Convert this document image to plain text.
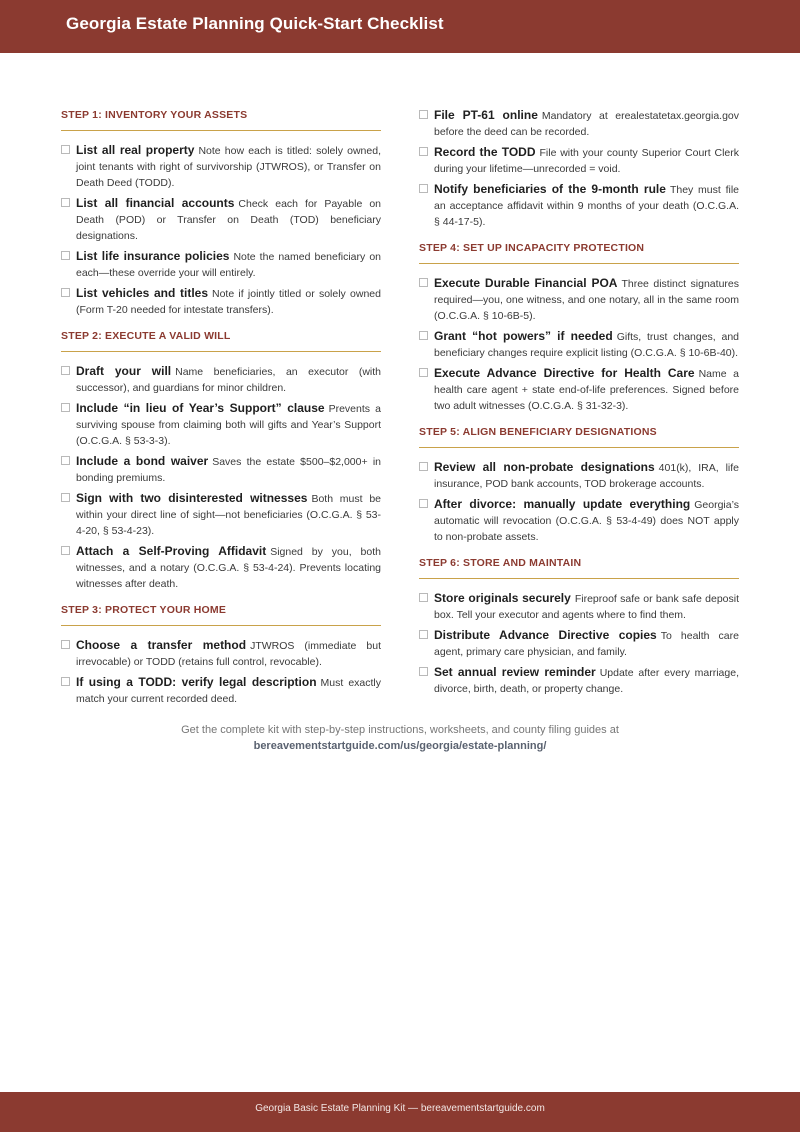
Georgia Estate Planning Quick-Start Checklist
STEP 1: INVENTORY YOUR ASSETS
List all real property Note how each is titled: solely owned, joint tenants with right of survivorship (JTWROS), or Transfer on Death Deed (TODD).
List all financial accounts Check each for Payable on Death (POD) or Transfer on Death (TOD) beneficiary designations.
List life insurance policies Note the named beneficiary on each—these override your will entirely.
List vehicles and titles Note if jointly titled or solely owned (Form T-20 needed for intestate transfers).
STEP 2: EXECUTE A VALID WILL
Draft your will Name beneficiaries, an executor (with successor), and guardians for minor children.
Include “in lieu of Year’s Support” clause Prevents a surviving spouse from claiming both will gifts and Year’s Support (O.C.G.A. § 53-3-3).
Include a bond waiver Saves the estate $500–$2,000+ in bonding premiums.
Sign with two disinterested witnesses Both must be within your direct line of sight—not beneficiaries (O.C.G.A. § 53-4-20, § 53-4-23).
Attach a Self-Proving Affidavit Signed by you, both witnesses, and a notary (O.C.G.A. § 53-4-24). Prevents locating witnesses after death.
STEP 3: PROTECT YOUR HOME
Choose a transfer method JTWROS (immediate but irrevocable) or TODD (retains full control, revocable).
If using a TODD: verify legal description Must exactly match your current recorded deed.
File PT-61 online Mandatory at erealestatetax.georgia.gov before the deed can be recorded.
Record the TODD File with your county Superior Court Clerk during your lifetime—unrecorded = void.
Notify beneficiaries of the 9-month rule They must file an acceptance affidavit within 9 months of your death (O.C.G.A. § 44-17-5).
STEP 4: SET UP INCAPACITY PROTECTION
Execute Durable Financial POA Three distinct signatures required—you, one witness, and one notary, all in the same room (O.C.G.A. § 10-6B-5).
Grant “hot powers” if needed Gifts, trust changes, and beneficiary changes require explicit listing (O.C.G.A. § 10-6B-40).
Execute Advance Directive for Health Care Name a health care agent + state end-of-life preferences. Signed before two adult witnesses (O.C.G.A. § 31-32-3).
STEP 5: ALIGN BENEFICIARY DESIGNATIONS
Review all non-probate designations 401(k), IRA, life insurance, POD bank accounts, TOD brokerage accounts.
After divorce: manually update everything Georgia’s automatic will revocation (O.C.G.A. § 53-4-49) does NOT apply to non-probate assets.
STEP 6: STORE AND MAINTAIN
Store originals securely Fireproof safe or bank safe deposit box. Tell your executor and agents where to find them.
Distribute Advance Directive copies To health care agent, primary care physician, and family.
Set annual review reminder Update after every marriage, divorce, birth, death, or property change.
Get the complete kit with step-by-step instructions, worksheets, and county filing guides at
bereavementstartguide.com/us/georgia/estate-planning/
Georgia Basic Estate Planning Kit — bereavementstartguide.com
